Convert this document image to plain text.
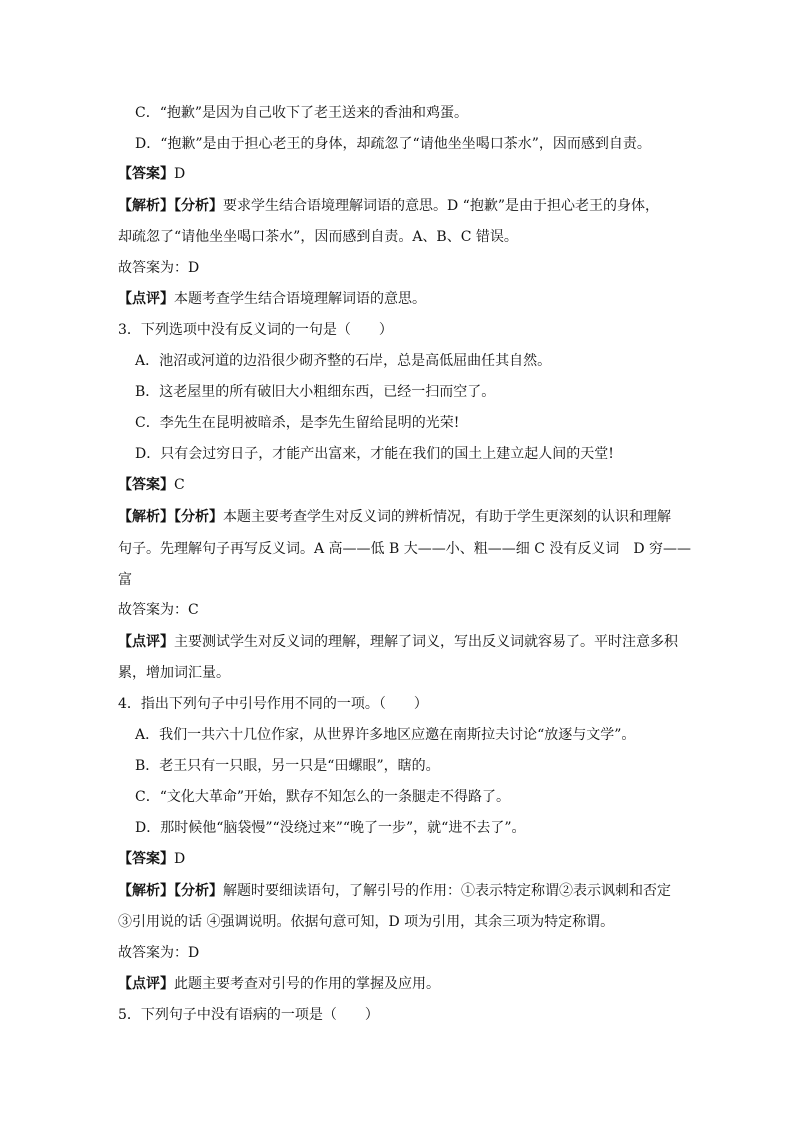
C．“抱歉”是因为自己收下了老王送来的香油和鸡蛋。
D．“抱歉”是由于担心老王的身体，却疏忽了“请他坐坐喝口茶水”，因而感到自责。
【答案】D
【解析】【分析】要求学生结合语境理解词语的意思。D “抱歉”是由于担心老王的身体，
却疏忽了“请他坐坐喝口茶水”，因而感到自责。A、B、C 错误。
故答案为：D
【点评】本题考查学生结合语境理解词语的意思。
3．下列选项中没有反义词的一句是（　　）
A．池沼或河道的边沿很少砌齐整的石岸，总是高低屈曲任其自然。
B．这老屋里的所有破旧大小粗细东西，已经一扫而空了。
C．李先生在昆明被暗杀，是李先生留给昆明的光荣!
D．只有会过穷日子，才能产出富来，才能在我们的国土上建立起人间的天堂!
【答案】C
【解析】【分析】本题主要考查学生对反义词的辨析情况，有助于学生更深刻的认识和理解
句子。先理解句子再写反义词。A 高——低 B 大——小、粗——细 C 没有反义词　D 穷——
富
故答案为：C
【点评】主要测试学生对反义词的理解，理解了词义，写出反义词就容易了。平时注意多积
累，增加词汇量。
4．指出下列句子中引号作用不同的一项。（　　）
A．我们一共六十几位作家，从世界许多地区应邀在南斯拉夫讨论“放逐与文学”。
B．老王只有一只眼，另一只是“田螺眼”，瞎的。
C．“文化大革命”开始，默存不知怎么的一条腿走不得路了。
D．那时候他“脑袋慢”“没绕过来”“晚了一步”，就“进不去了”。
【答案】D
【解析】【分析】解题时要细读语句，了解引号的作用：①表示特定称谓②表示讽刺和否定
③引用说的话 ④强调说明。依据句意可知，D 项为引用，其余三项为特定称谓。
故答案为：D
【点评】此题主要考查对引号的作用的掌握及应用。
5．下列句子中没有语病的一项是（　　）
